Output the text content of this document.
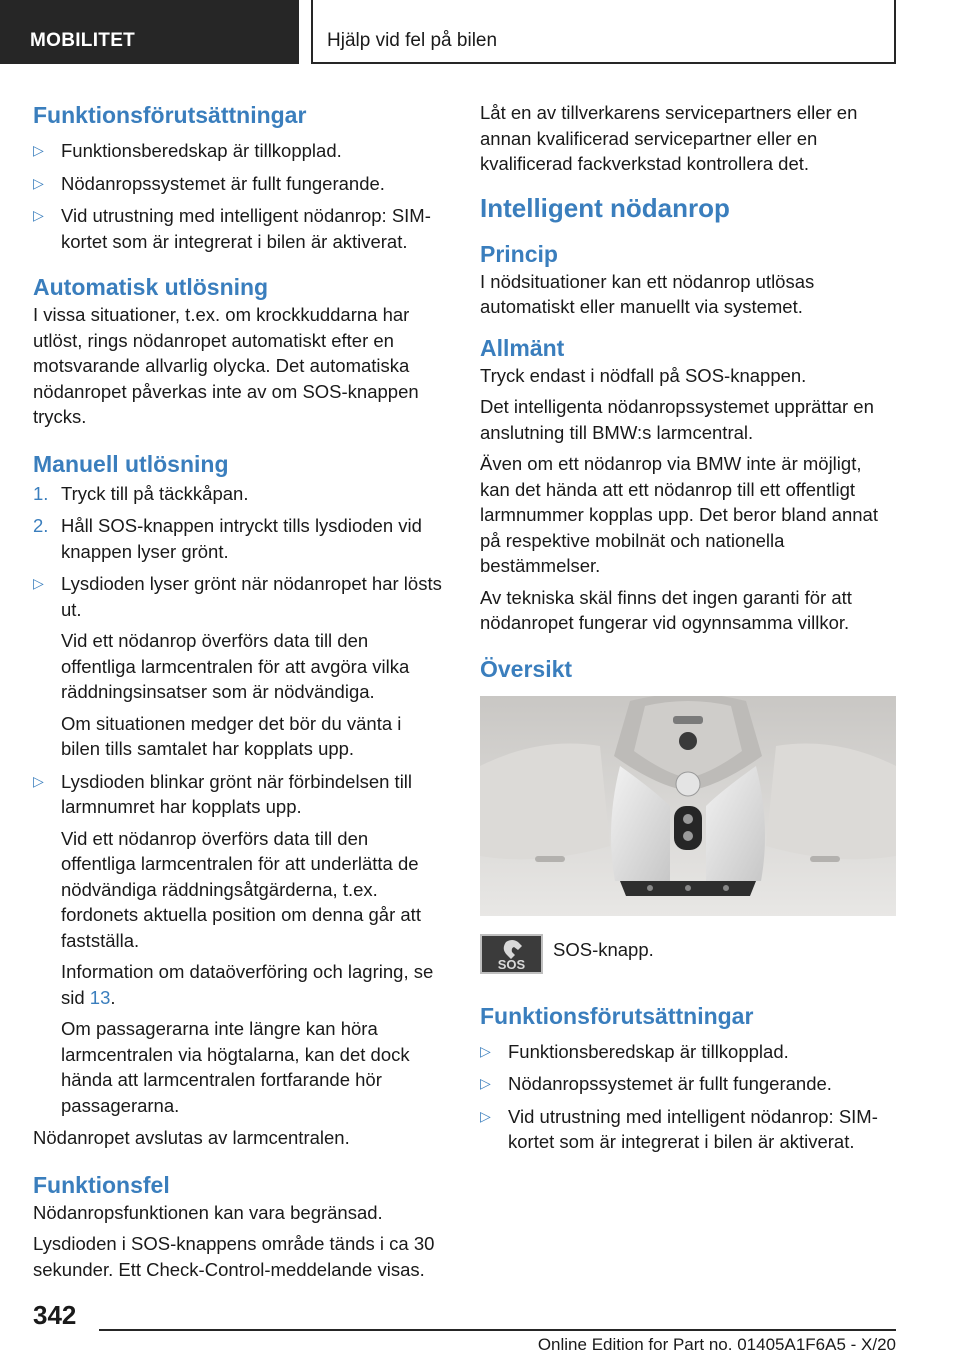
MOBILITET	Hjälp vid fel på bilen
Funktionsförutsättningar
▷ Funktionsberedskap är tillkopplad.
▷ Nödanropssystemet är fullt fungerande.
▷ Vid utrustning med intelligent nödanrop: SIM-kortet som är integrerat i bilen är aktiverat.
Automatisk utlösning

I vissa situationer, t.ex. om krockkuddarna har utlöst, rings nödanropet automatiskt efter en motsvarande allvarlig olycka. Det automatiska nödanropet påverkas inte av om SOS-knappen trycks.

Manuell utlösning
1. Tryck till på täckkåpan.
2. Håll SOS-knappen intryckt tills lysdioden vid knappen lyser grönt.
▷ Lysdioden lyser grönt när nödanropet har lösts ut.

Vid ett nödanrop överförs data till den offentliga larmcentralen för att avgöra vilka räddningsinsatser som är nödvändiga.

Om situationen medger det bör du vänta i bilen tills samtalet har kopplats upp.

▷ Lysdioden blinkar grönt när förbindelsen till larmnumret har kopplats upp.

Vid ett nödanrop överförs data till den offentliga larmcentralen för att underlätta de nödvändiga räddningsåtgärderna, t.ex. fordonets aktuella position om denna går att fastställa.

Information om dataöverföring och lagring, se sid 13.

Om passagerarna inte längre kan höra larmcentralen via högtalarna, kan det dock hända att larmcentralen fortfarande hör passagerarna.

Nödanropet avslutas av larmcentralen.

Funktionsfel

Nödanropsfunktionen kan vara begränsad.

Lysdioden i SOS-knappens område tänds i ca 30 sekunder. Ett Check-Control-meddelande visas.

Låt en av tillverkarens servicepartners eller en annan kvalificerad servicepartner eller en kvalificerad fackverkstad kontrollera det.

Intelligent nödanrop
Princip

I nödsituationer kan ett nödanrop utlösas automatiskt eller manuellt via systemet.

Allmänt

Tryck endast i nödfall på SOS-knappen.

Det intelligenta nödanropssystemet upprättar en anslutning till BMW:s larmcentral.

Även om ett nödanrop via BMW inte är möjligt, kan det hända att ett nödanrop till ett offentligt larmnummer kopplas upp. Det beror bland annat på respektive mobilnät och nationella bestämmelser.

Av tekniska skäl finns det ingen garanti för att nödanropet fungerar vid ogynnsamma villkor.

Översikt
SOS
SOS-knapp.
Funktionsförutsättningar
▷ Funktionsberedskap är tillkopplad.
▷ Nödanropssystemet är fullt fungerande.
▷ Vid utrustning med intelligent nödanrop: SIM-kortet som är integrerat i bilen är aktiverat.
342
Online Edition for Part no. 01405A1F6A5 - X/20
